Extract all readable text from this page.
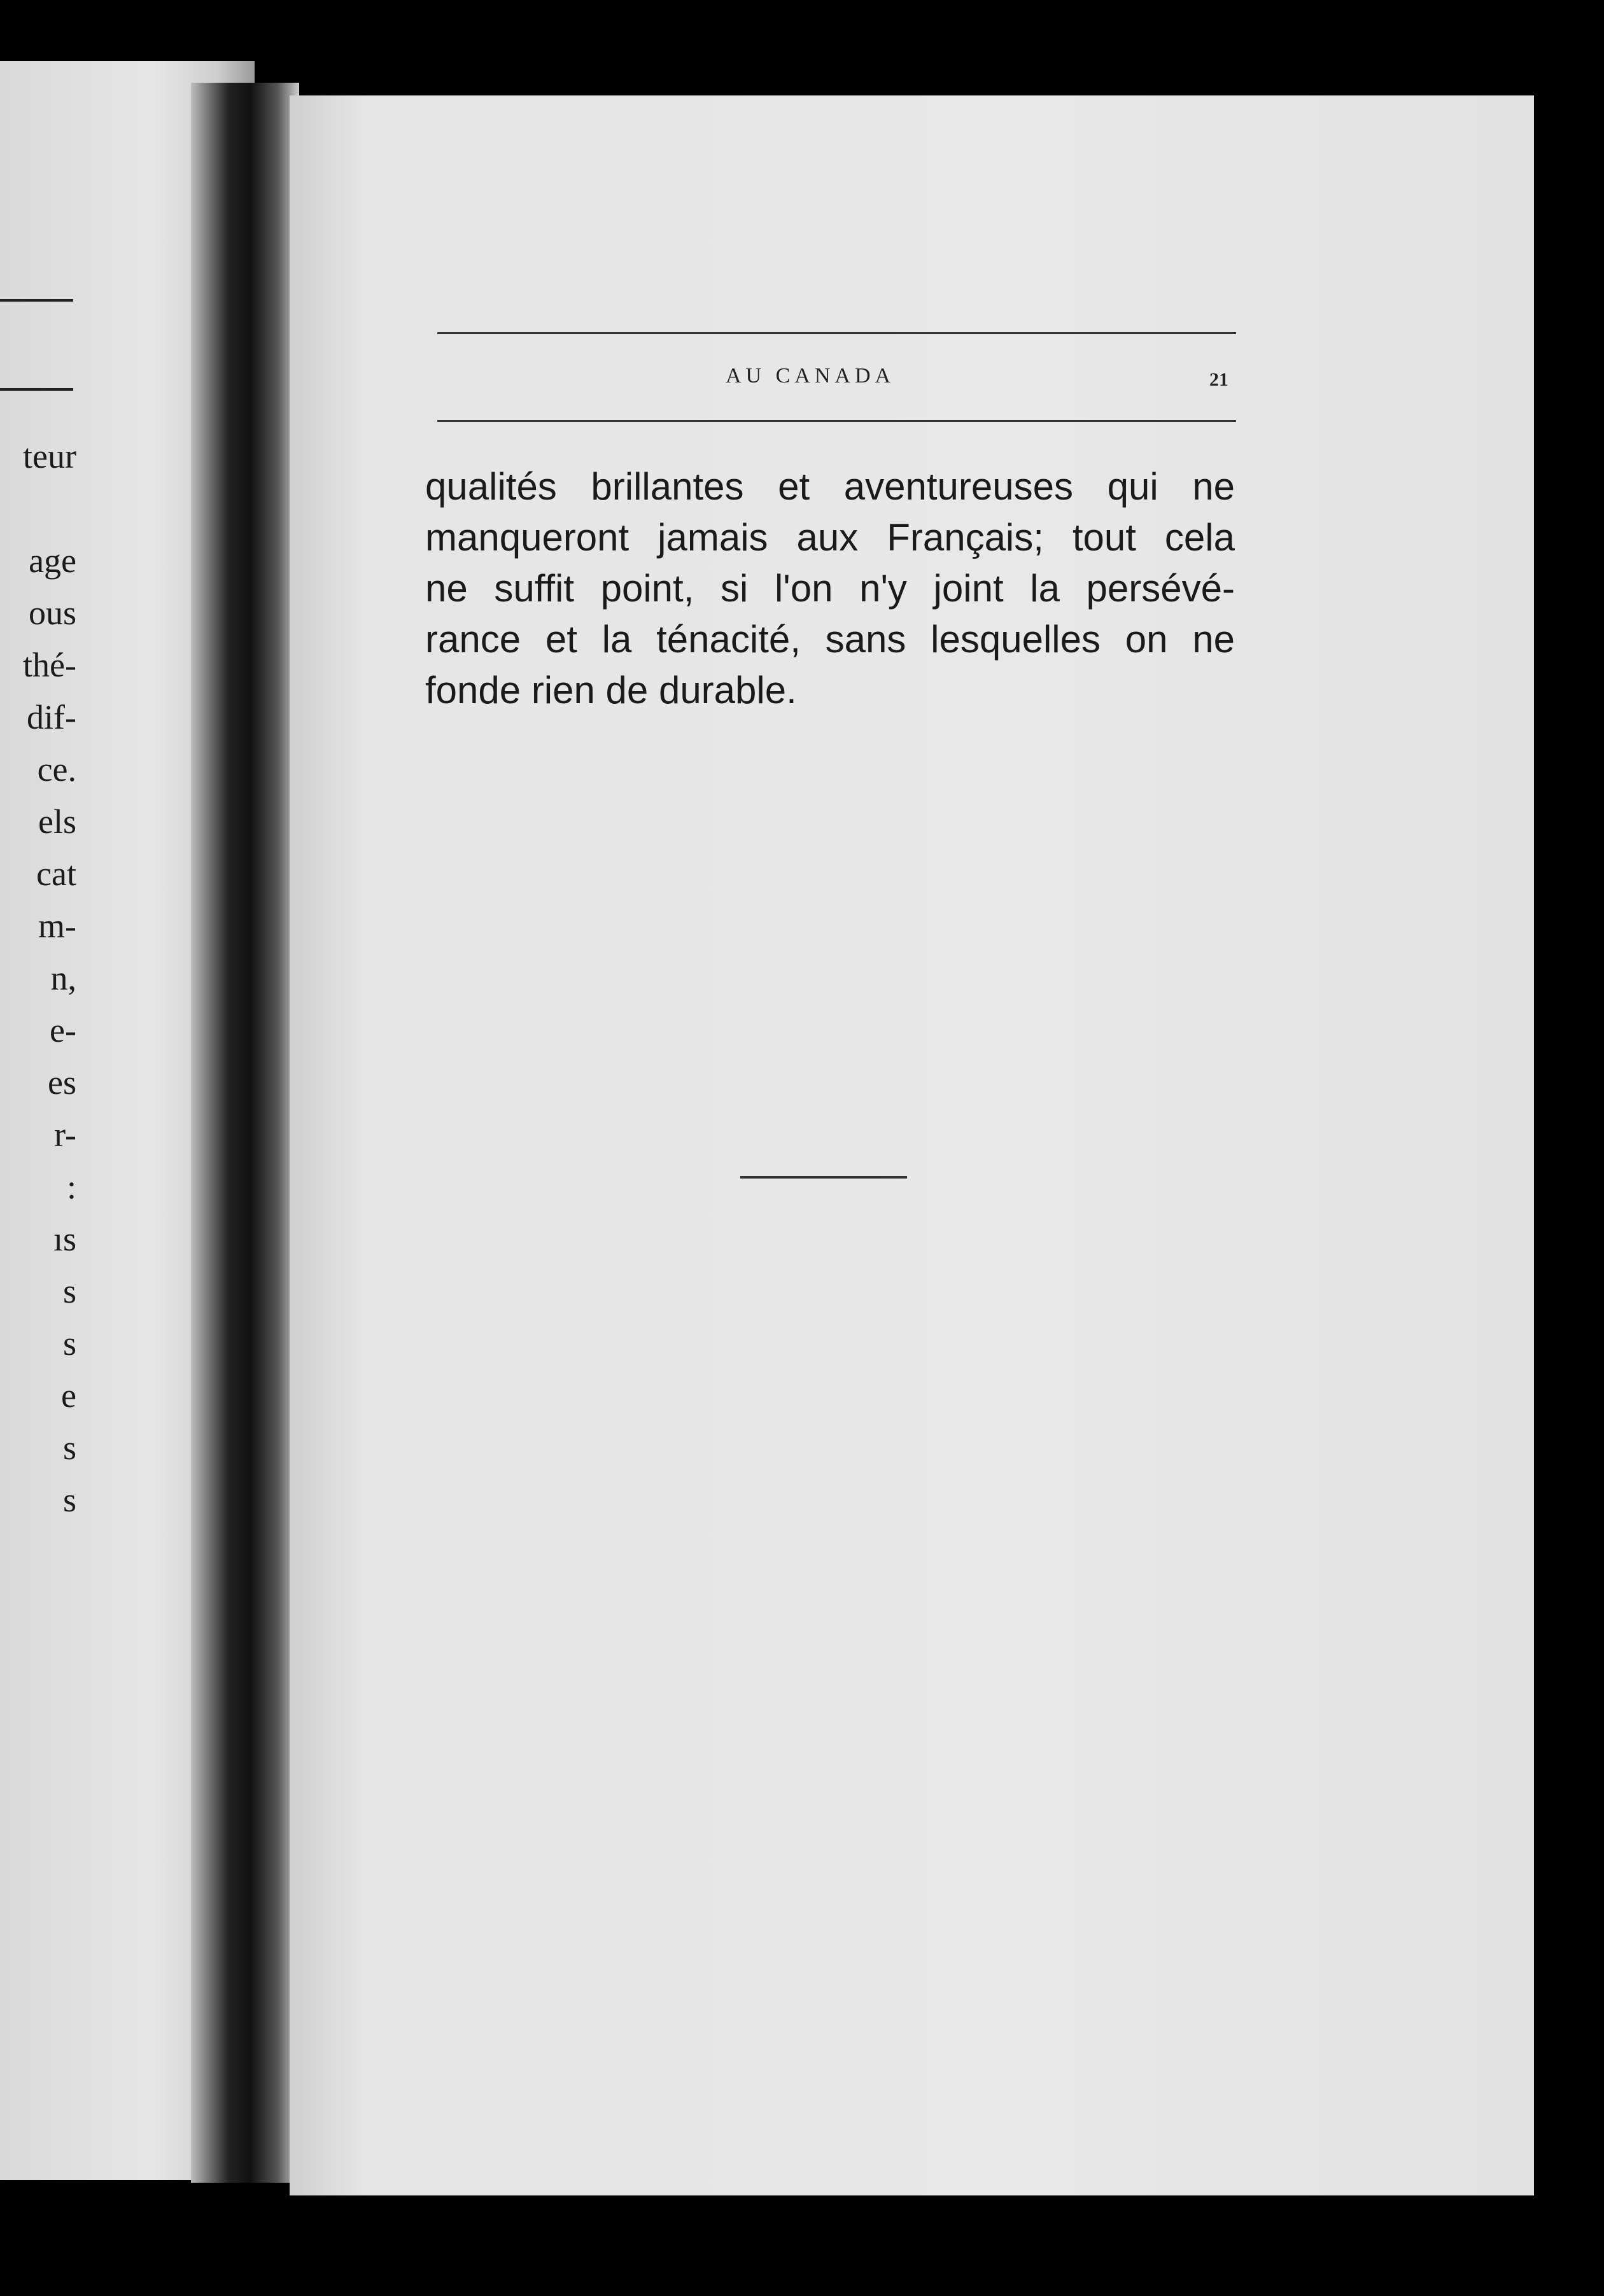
teur
age
ous
thé-
dif-
ce.
els
cat
m-
n,
e-
es
r-
:
ıs
s
s
e
s
s
AU CANADA	21
qualités brillantes et aventureuses qui ne
manqueront jamais aux Français; tout cela
ne suffit point, si l'on n'y joint la persévé-
rance et la ténacité, sans lesquelles on ne
fonde rien de durable.
